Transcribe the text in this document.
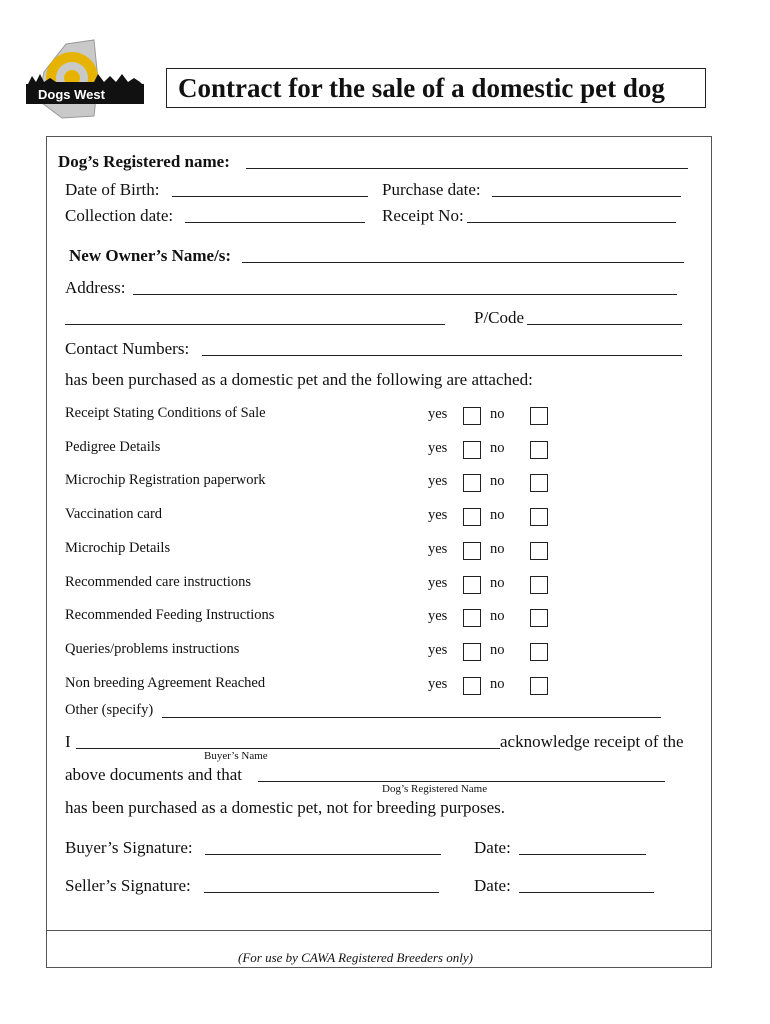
Dogs West	Contract for the sale of a domestic pet dog
Dog’s Registered name:
Date of Birth:	Purchase date:
Collection date:	Receipt No:
New Owner’s Name/s:
Address:
P/Code
Contact Numbers:
has been purchased as a domestic pet and the following are attached:
Receipt Stating Conditions of Sale	yes	no
Pedigree Details	yes	no
Microchip Registration paperwork	yes	no
Vaccination card	yes	no
Microchip Details	yes	no
Recommended care instructions	yes	no
Recommended Feeding Instructions	yes	no
Queries/problems instructions	yes	no
Non breeding Agreement Reached	yes	no
Other (specify)
I	acknowledge receipt of the
Buyer’s Name
above documents and that
Dog’s Registered Name
has been purchased as a domestic pet, not for breeding purposes.
Buyer’s Signature:	Date:
Seller’s Signature:	Date:
(For use by CAWA Registered Breeders only)
